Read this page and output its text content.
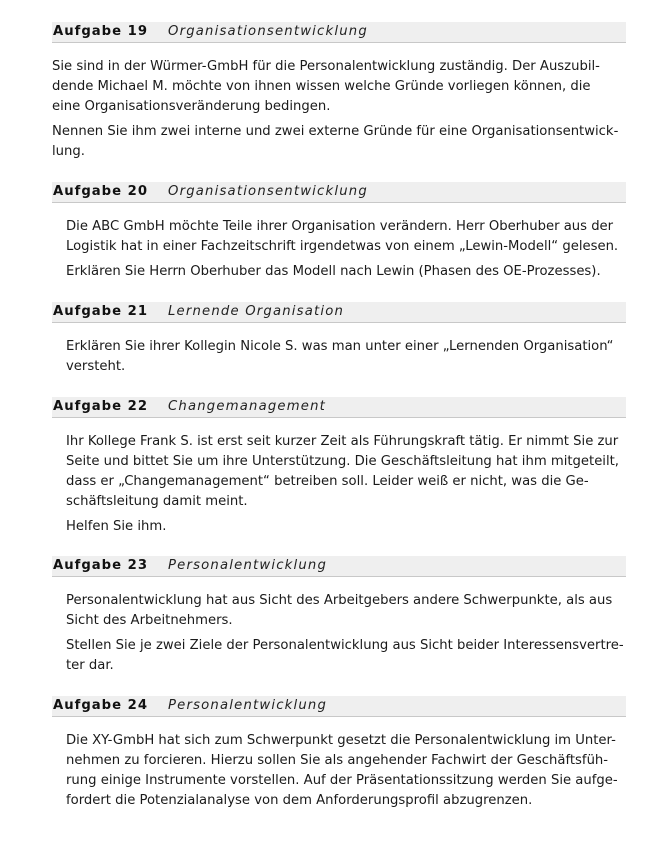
Aufgabe 19 Organisationsentwicklung

Sie sind in der Würmer-GmbH für die Personalentwicklung zuständig. Der Auszubil-
dende Michael M. möchte von ihnen wissen welche Gründe vorliegen können, die
eine Organisationsveränderung bedingen.

Nennen Sie ihm zwei interne und zwei externe Gründe für eine Organisationsentwick-
lung.

Aufgabe 20 Organisationsentwicklung

Die ABC GmbH möchte Teile ihrer Organisation verändern. Herr Oberhuber aus der
Logistik hat in einer Fachzeitschrift irgendetwas von einem „Lewin-Modell“ gelesen.

Erklären Sie Herrn Oberhuber das Modell nach Lewin (Phasen des OE-Prozesses).

Aufgabe 21 Lernende Organisation

Erklären Sie ihrer Kollegin Nicole S. was man unter einer „Lernenden Organisation“
versteht.

Aufgabe 22 Changemanagement

Ihr Kollege Frank S. ist erst seit kurzer Zeit als Führungskraft tätig. Er nimmt Sie zur
Seite und bittet Sie um ihre Unterstützung. Die Geschäftsleitung hat ihm mitgeteilt,
dass er „Changemanagement“ betreiben soll. Leider weiß er nicht, was die Ge-
schäftsleitung damit meint.

Helfen Sie ihm.

Aufgabe 23 Personalentwicklung

Personalentwicklung hat aus Sicht des Arbeitgebers andere Schwerpunkte, als aus
Sicht des Arbeitnehmers.

Stellen Sie je zwei Ziele der Personalentwicklung aus Sicht beider Interessensvertre-
ter dar.

Aufgabe 24 Personalentwicklung

Die XY-GmbH hat sich zum Schwerpunkt gesetzt die Personalentwicklung im Unter-
nehmen zu forcieren. Hierzu sollen Sie als angehender Fachwirt der Geschäftsfüh-
rung einige Instrumente vorstellen. Auf der Präsentationssitzung werden Sie aufge-
fordert die Potenzialanalyse von dem Anforderungsprofil abzugrenzen.
